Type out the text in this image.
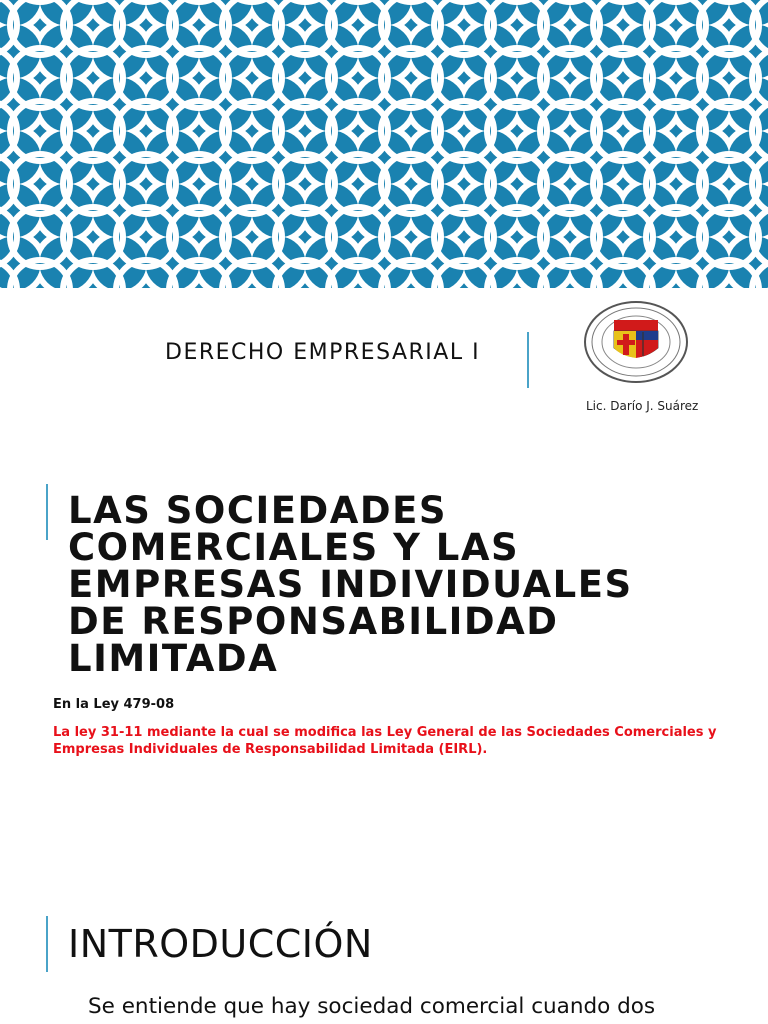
DERECHO EMPRESARIAL I
Lic. Darío J. Suárez
LAS SOCIEDADES
COMERCIALES Y LAS
EMPRESAS INDIVIDUALES
DE RESPONSABILIDAD
LIMITADA
En la Ley 479-08
La ley 31-11 mediante la cual se modifica las Ley General de las Sociedades Comerciales y Empresas Individuales de Responsabilidad Limitada (EIRL).
INTRODUCCIÓN
Se entiende que hay sociedad comercial cuando dos
